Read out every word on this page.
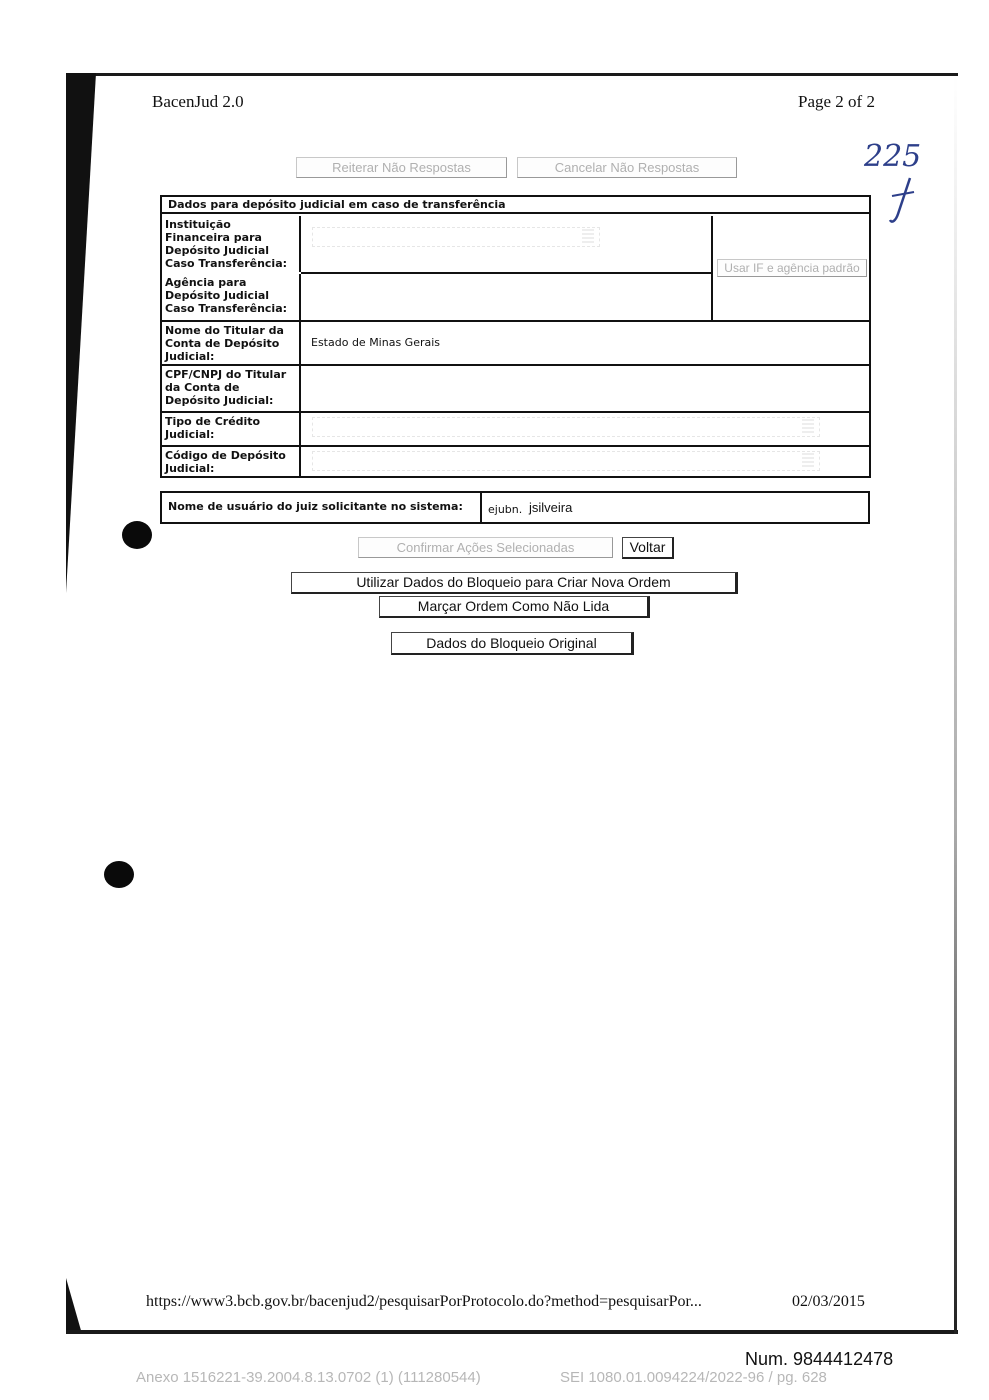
BacenJud 2.0	Page 2 of 2
Reiterar Não Respostas	Cancelar Não Respostas	225
Dados para depósito judicial em caso de transferência
Instituição Financeira para Depósito Judicial Caso Transferência:	Usar IF e agência padrão
Agência para Depósito Judicial Caso Transferência:
Nome do Titular da Conta de Depósito Judicial:
Estado de Minas Gerais
CPF/CNPJ do Titular da Conta de Depósito Judicial:
Tipo de Crédito Judicial:
Código de Depósito Judicial:
Nome de usuário do juiz solicitante no sistema: ejubn. jsilveira
Confirmar Ações Selecionadas	Voltar
Utilizar Dados do Bloqueio para Criar Nova Ordem
Marçar Ordem Como Não Lida
Dados do Bloqueio Original
https://www3.bcb.gov.br/bacenjud2/pesquisarPorProtocolo.do?method=pesquisarPor...	02/03/2015
Num. 9844412478
Anexo 1516221-39.2004.8.13.0702 (1) (111280544)	SEI 1080.01.0094224/2022-96 / pg. 628
